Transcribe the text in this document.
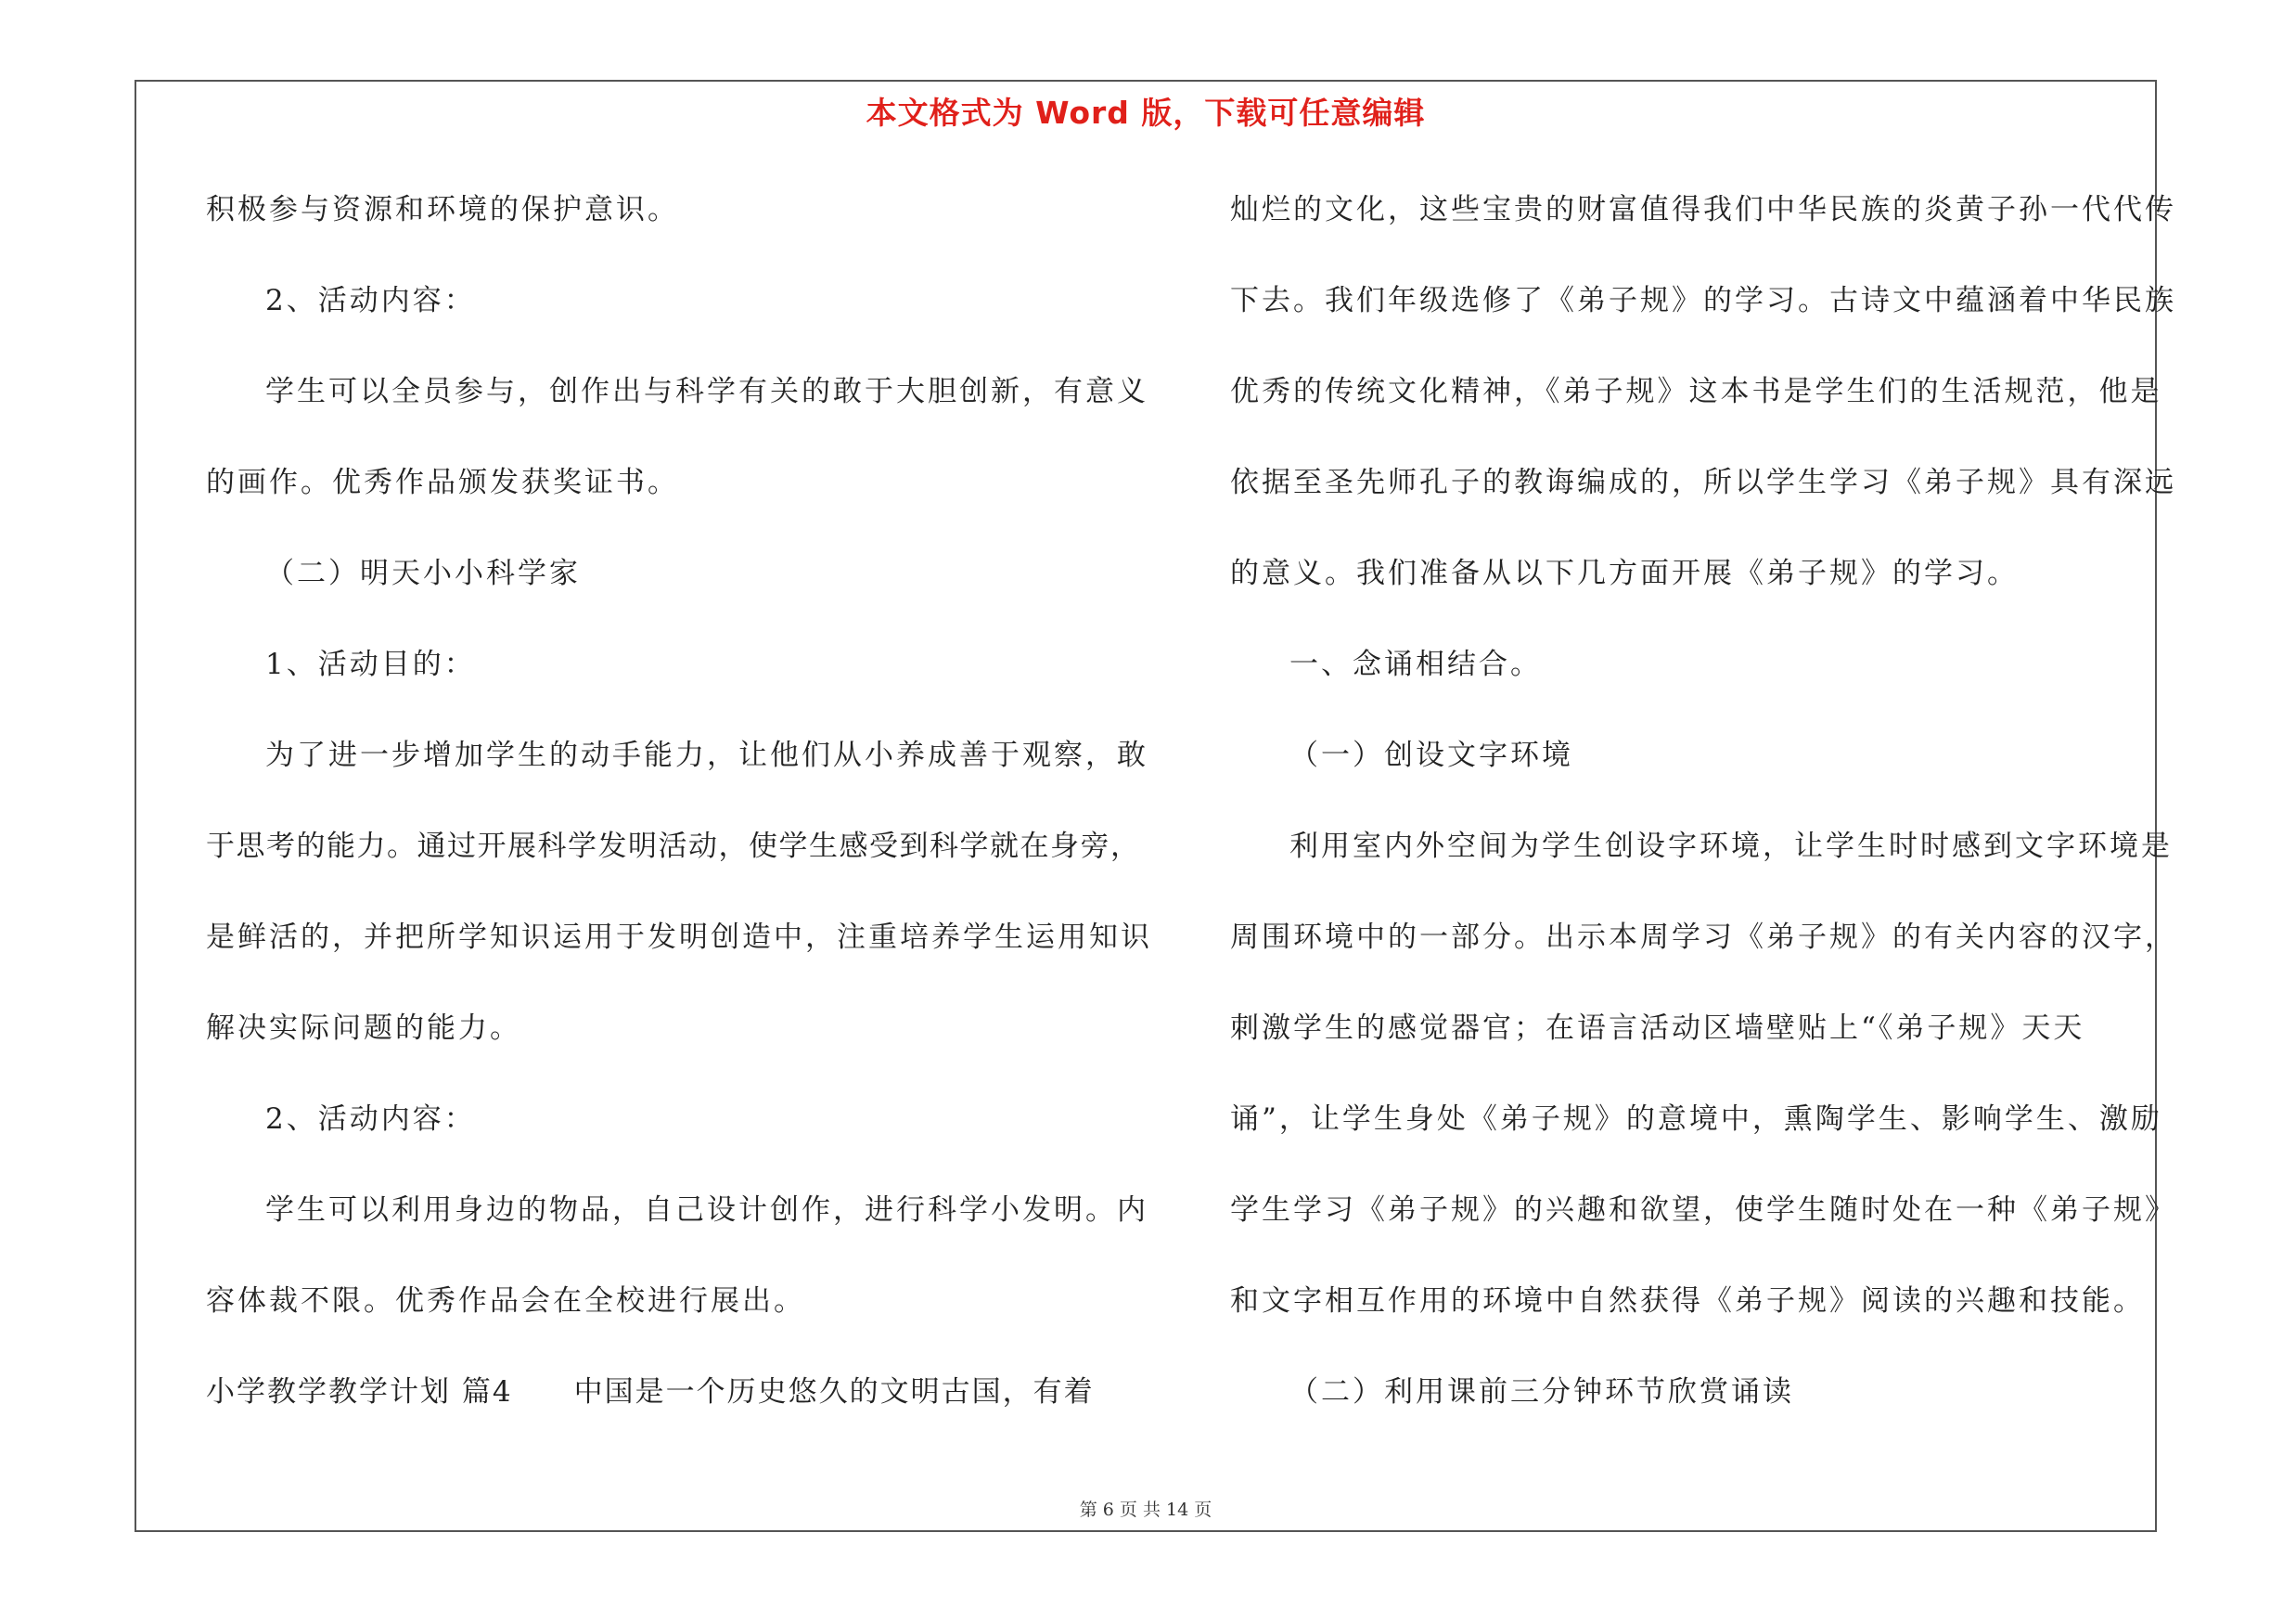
本文格式为 Word 版，下载可任意编辑
积极参与资源和环境的保护意识。
2、活动内容：
学生可以全员参与，创作出与科学有关的敢于大胆创新，有意义
的画作。优秀作品颁发获奖证书。
（二）明天小小科学家
1、活动目的：
为了进一步增加学生的动手能力，让他们从小养成善于观察，敢
于思考的能力。通过开展科学发明活动，使学生感受到科学就在身旁，
是鲜活的，并把所学知识运用于发明创造中，注重培养学生运用知识
解决实际问题的能力。
2、活动内容：
学生可以利用身边的物品，自己设计创作，进行科学小发明。内
容体裁不限。优秀作品会在全校进行展出。
小学教学教学计划 篇4　　中国是一个历史悠久的文明古国，有着
灿烂的文化，这些宝贵的财富值得我们中华民族的炎黄子孙一代代传
下去。我们年级选修了《弟子规》的学习。古诗文中蕴涵着中华民族
优秀的传统文化精神，《弟子规》这本书是学生们的生活规范，他是
依据至圣先师孔子的教诲编成的，所以学生学习《弟子规》具有深远
的意义。我们准备从以下几方面开展《弟子规》的学习。
一、念诵相结合。
（一）创设文字环境
利用室内外空间为学生创设字环境，让学生时时感到文字环境是
周围环境中的一部分。出示本周学习《弟子规》的有关内容的汉字，
刺激学生的感觉器官；在语言活动区墙壁贴上“《弟子规》天天
诵”，让学生身处《弟子规》的意境中，熏陶学生、影响学生、激励
学生学习《弟子规》的兴趣和欲望，使学生随时处在一种《弟子规》
和文字相互作用的环境中自然获得《弟子规》阅读的兴趣和技能。
（二）利用课前三分钟环节欣赏诵读
第 6 页 共 14 页
